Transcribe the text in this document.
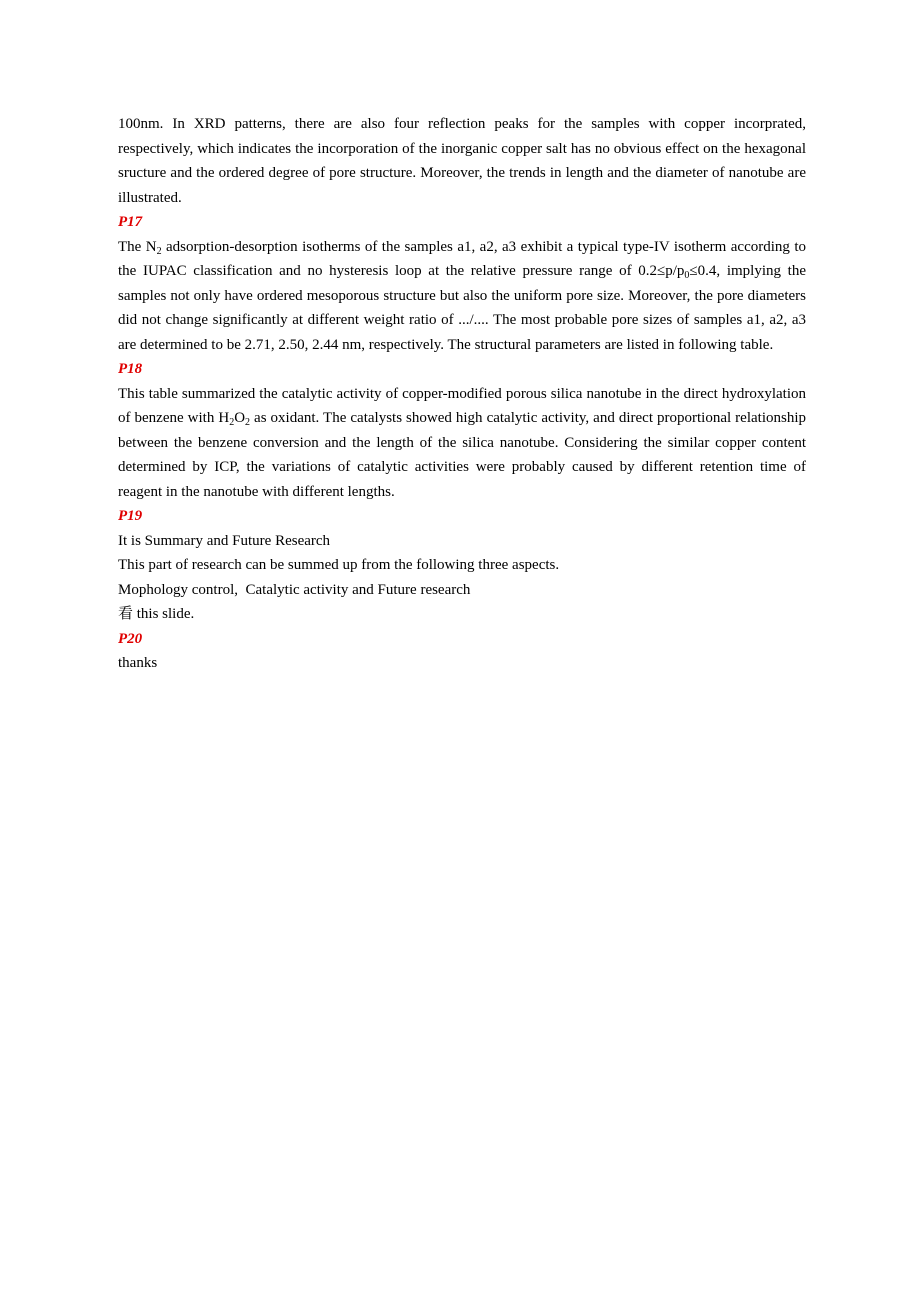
100nm. In XRD patterns, there are also four reflection peaks for the samples with copper incorprated, respectively, which indicates the incorporation of the inorganic copper salt has no obvious effect on the hexagonal sructure and the ordered degree of pore structure. Moreover, the trends in length and the diameter of nanotube are illustrated.

P17

The $N_2$ adsorption-desorption isotherms of the samples a1, a2, a3 exhibit a typical type-IV isotherm according to the IUPAC classification and no hysteresis loop at the relative pressure range of $0.2\le p/p_0\le 0.4$, implying the samples not only have ordered mesoporous structure but also the uniform pore size. Moreover, the pore diameters did not change significantly at different weight ratio of .../.... The most probable pore sizes of samples a1, a2, a3 are determined to be 2.71, 2.50, 2.44 nm, respectively. The structural parameters are listed in following table.

P18

This table summarized the catalytic activity of copper-modified porous silica nanotube in the direct hydroxylation of benzene with $H_2O_2$ as oxidant. The catalysts showed high catalytic activity, and direct proportional relationship between the benzene conversion and the length of the silica nanotube. Considering the similar copper content determined by ICP, the variations of catalytic activities were probably caused by different retention time of reagent in the nanotube with different lengths.

P19

It is Summary and Future Research

This part of research can be summed up from the following three aspects.

Mophology control,  Catalytic activity and Future research

看 this slide.

P20

thanks
